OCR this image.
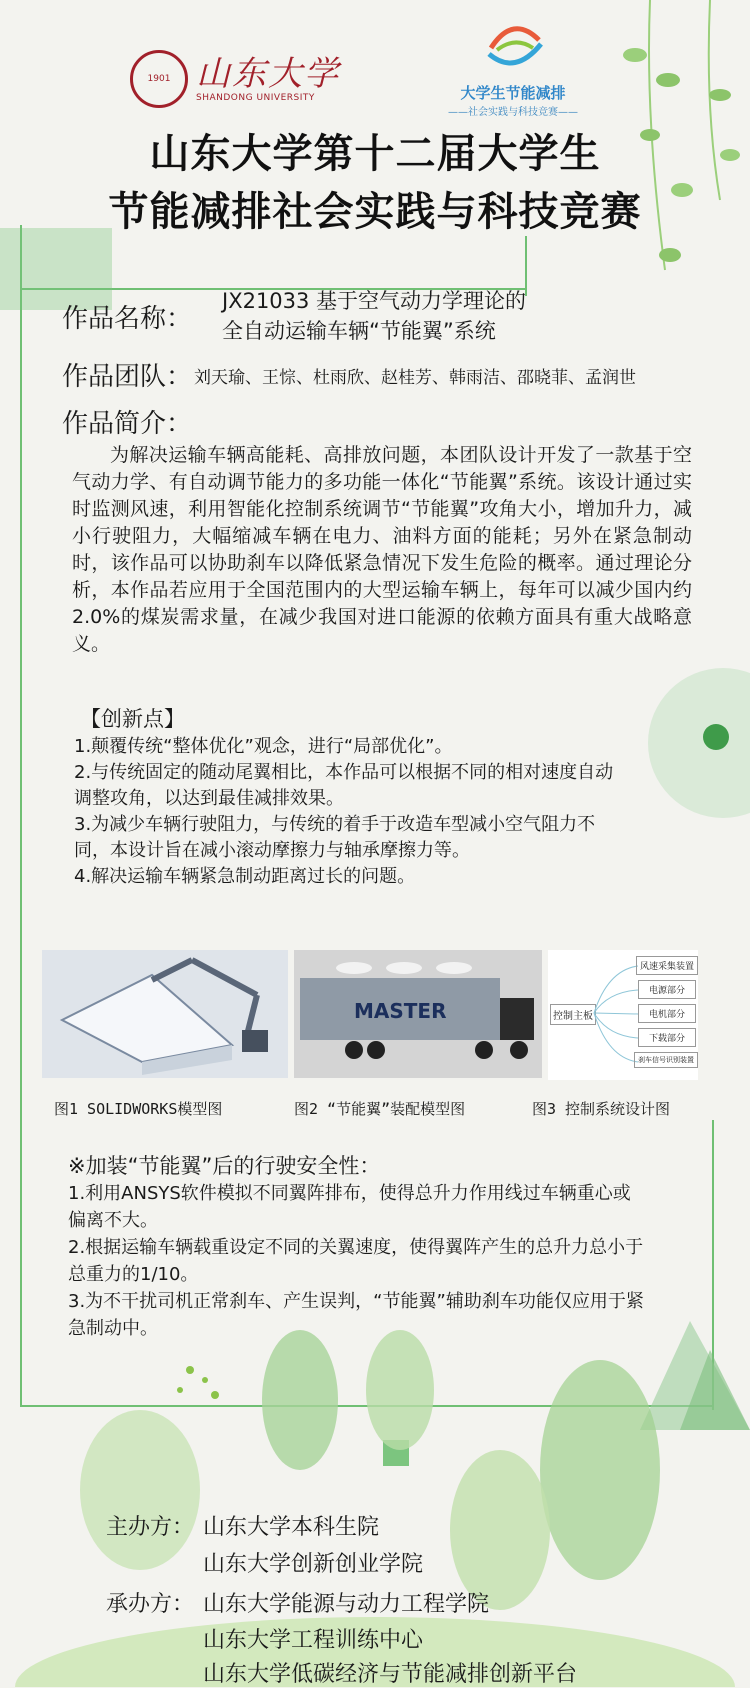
1901 山东大学
SHANDONG UNIVERSITY	大学生节能减排
——社会实践与科技竞赛——
山东大学第十二届大学生
节能减排社会实践与科技竞赛
作品名称：
JX21033 基于空气动力学理论的
全自动运输车辆“节能翼”系统
作品团队： 刘天瑜、王悰、杜雨欣、赵桂芳、韩雨洁、邵晓菲、孟润世
作品简介：
为解决运输车辆高能耗、高排放问题，本团队设计开发了一款基于空气动力学、有自动调节能力的多功能一体化“节能翼”系统。该设计通过实时监测风速，利用智能化控制系统调节“节能翼”攻角大小，增加升力，减小行驶阻力，大幅缩减车辆在电力、油料方面的能耗；另外在紧急制动时，该作品可以协助刹车以降低紧急情况下发生危险的概率。通过理论分析，本作品若应用于全国范围内的大型运输车辆上，每年可以减少国内约2.0%的煤炭需求量，在减少我国对进口能源的依赖方面具有重大战略意义。
【创新点】
1.颠覆传统“整体优化”观念，进行“局部优化”。
2.与传统固定的随动尾翼相比，本作品可以根据不同的相对速度自动调整攻角，以达到最佳减排效果。
3.为减少车辆行驶阻力，与传统的着手于改造车型减小空气阻力不同，本设计旨在减小滚动摩擦力与轴承摩擦力等。
4.解决运输车辆紧急制动距离过长的问题。
MASTER	控制主板
风速采集装置
电源部分
电机部分
下载部分
刹车信号识别装置
图1 SOLIDWORKS模型图	图2 “节能翼”装配模型图	图3 控制系统设计图
※加装“节能翼”后的行驶安全性：
1.利用ANSYS软件模拟不同翼阵排布，使得总升力作用线过车辆重心或偏离不大。
2.根据运输车辆载重设定不同的关翼速度，使得翼阵产生的总升力总小于总重力的1/10。
3.为不干扰司机正常刹车、产生误判，“节能翼”辅助刹车功能仅应用于紧急制动中。
主办方： 山东大学本科生院
山东大学创新创业学院
承办方： 山东大学能源与动力工程学院
山东大学工程训练中心
山东大学低碳经济与节能减排创新平台
